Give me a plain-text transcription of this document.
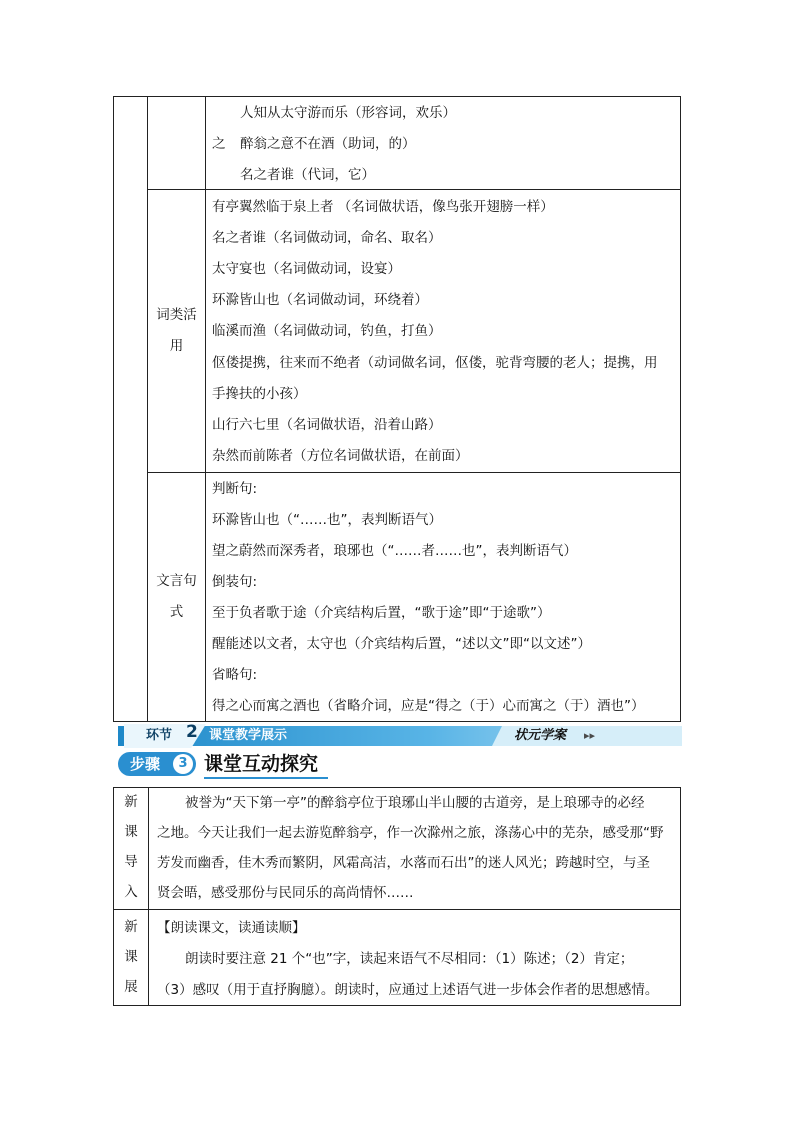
人知从太守游而乐（形容词，欢乐）
之 醉翁之意不在酒（助词，的）
名之者谁（代词，它）
词类活
用
有亭翼然临于泉上者 （名词做状语，像鸟张开翅膀一样）
名之者谁（名词做动词，命名、取名）
太守宴也（名词做动词，设宴）
环滁皆山也（名词做动词，环绕着）
临溪而渔（名词做动词，钓鱼，打鱼）
伛偻提携，往来而不绝者（动词做名词，伛偻，驼背弯腰的老人；提携，用
手搀扶的小孩）
山行六七里（名词做状语，沿着山路）
杂然而前陈者（方位名词做状语，在前面）
文言句
式
判断句:
环滁皆山也（“……也”，表判断语气）
望之蔚然而深秀者，琅琊也（“……者……也”，表判断语气）
倒装句:
至于负者歌于途（介宾结构后置，“歌于途”即“于途歌”）
醒能述以文者，太守也（介宾结构后置，“述以文”即“以文述”）
省略句:
得之心而寓之酒也（省略介词，应是“得之（于）心而寓之（于）酒也”）
环节 2 课堂教学展示	状元学案 ▸▸
步骤	3 课堂互动探究
新
课
导
入
被誉为“天下第一亭”的醉翁亭位于琅琊山半山腰的古道旁，是上琅琊寺的必经
之地。今天让我们一起去游览醉翁亭，作一次滁州之旅，涤荡心中的芜杂，感受那“野
芳发而幽香，佳木秀而繁阴，风霜高洁，水落而石出”的迷人风光；跨越时空，与圣
贤会晤，感受那份与民同乐的高尚情怀……
新
课
展
【朗读课文，读通读顺】
朗读时要注意 21 个“也”字，读起来语气不尽相同：（1）陈述；（2）肯定；
（3）感叹（用于直抒胸臆）。朗读时，应通过上述语气进一步体会作者的思想感情。
